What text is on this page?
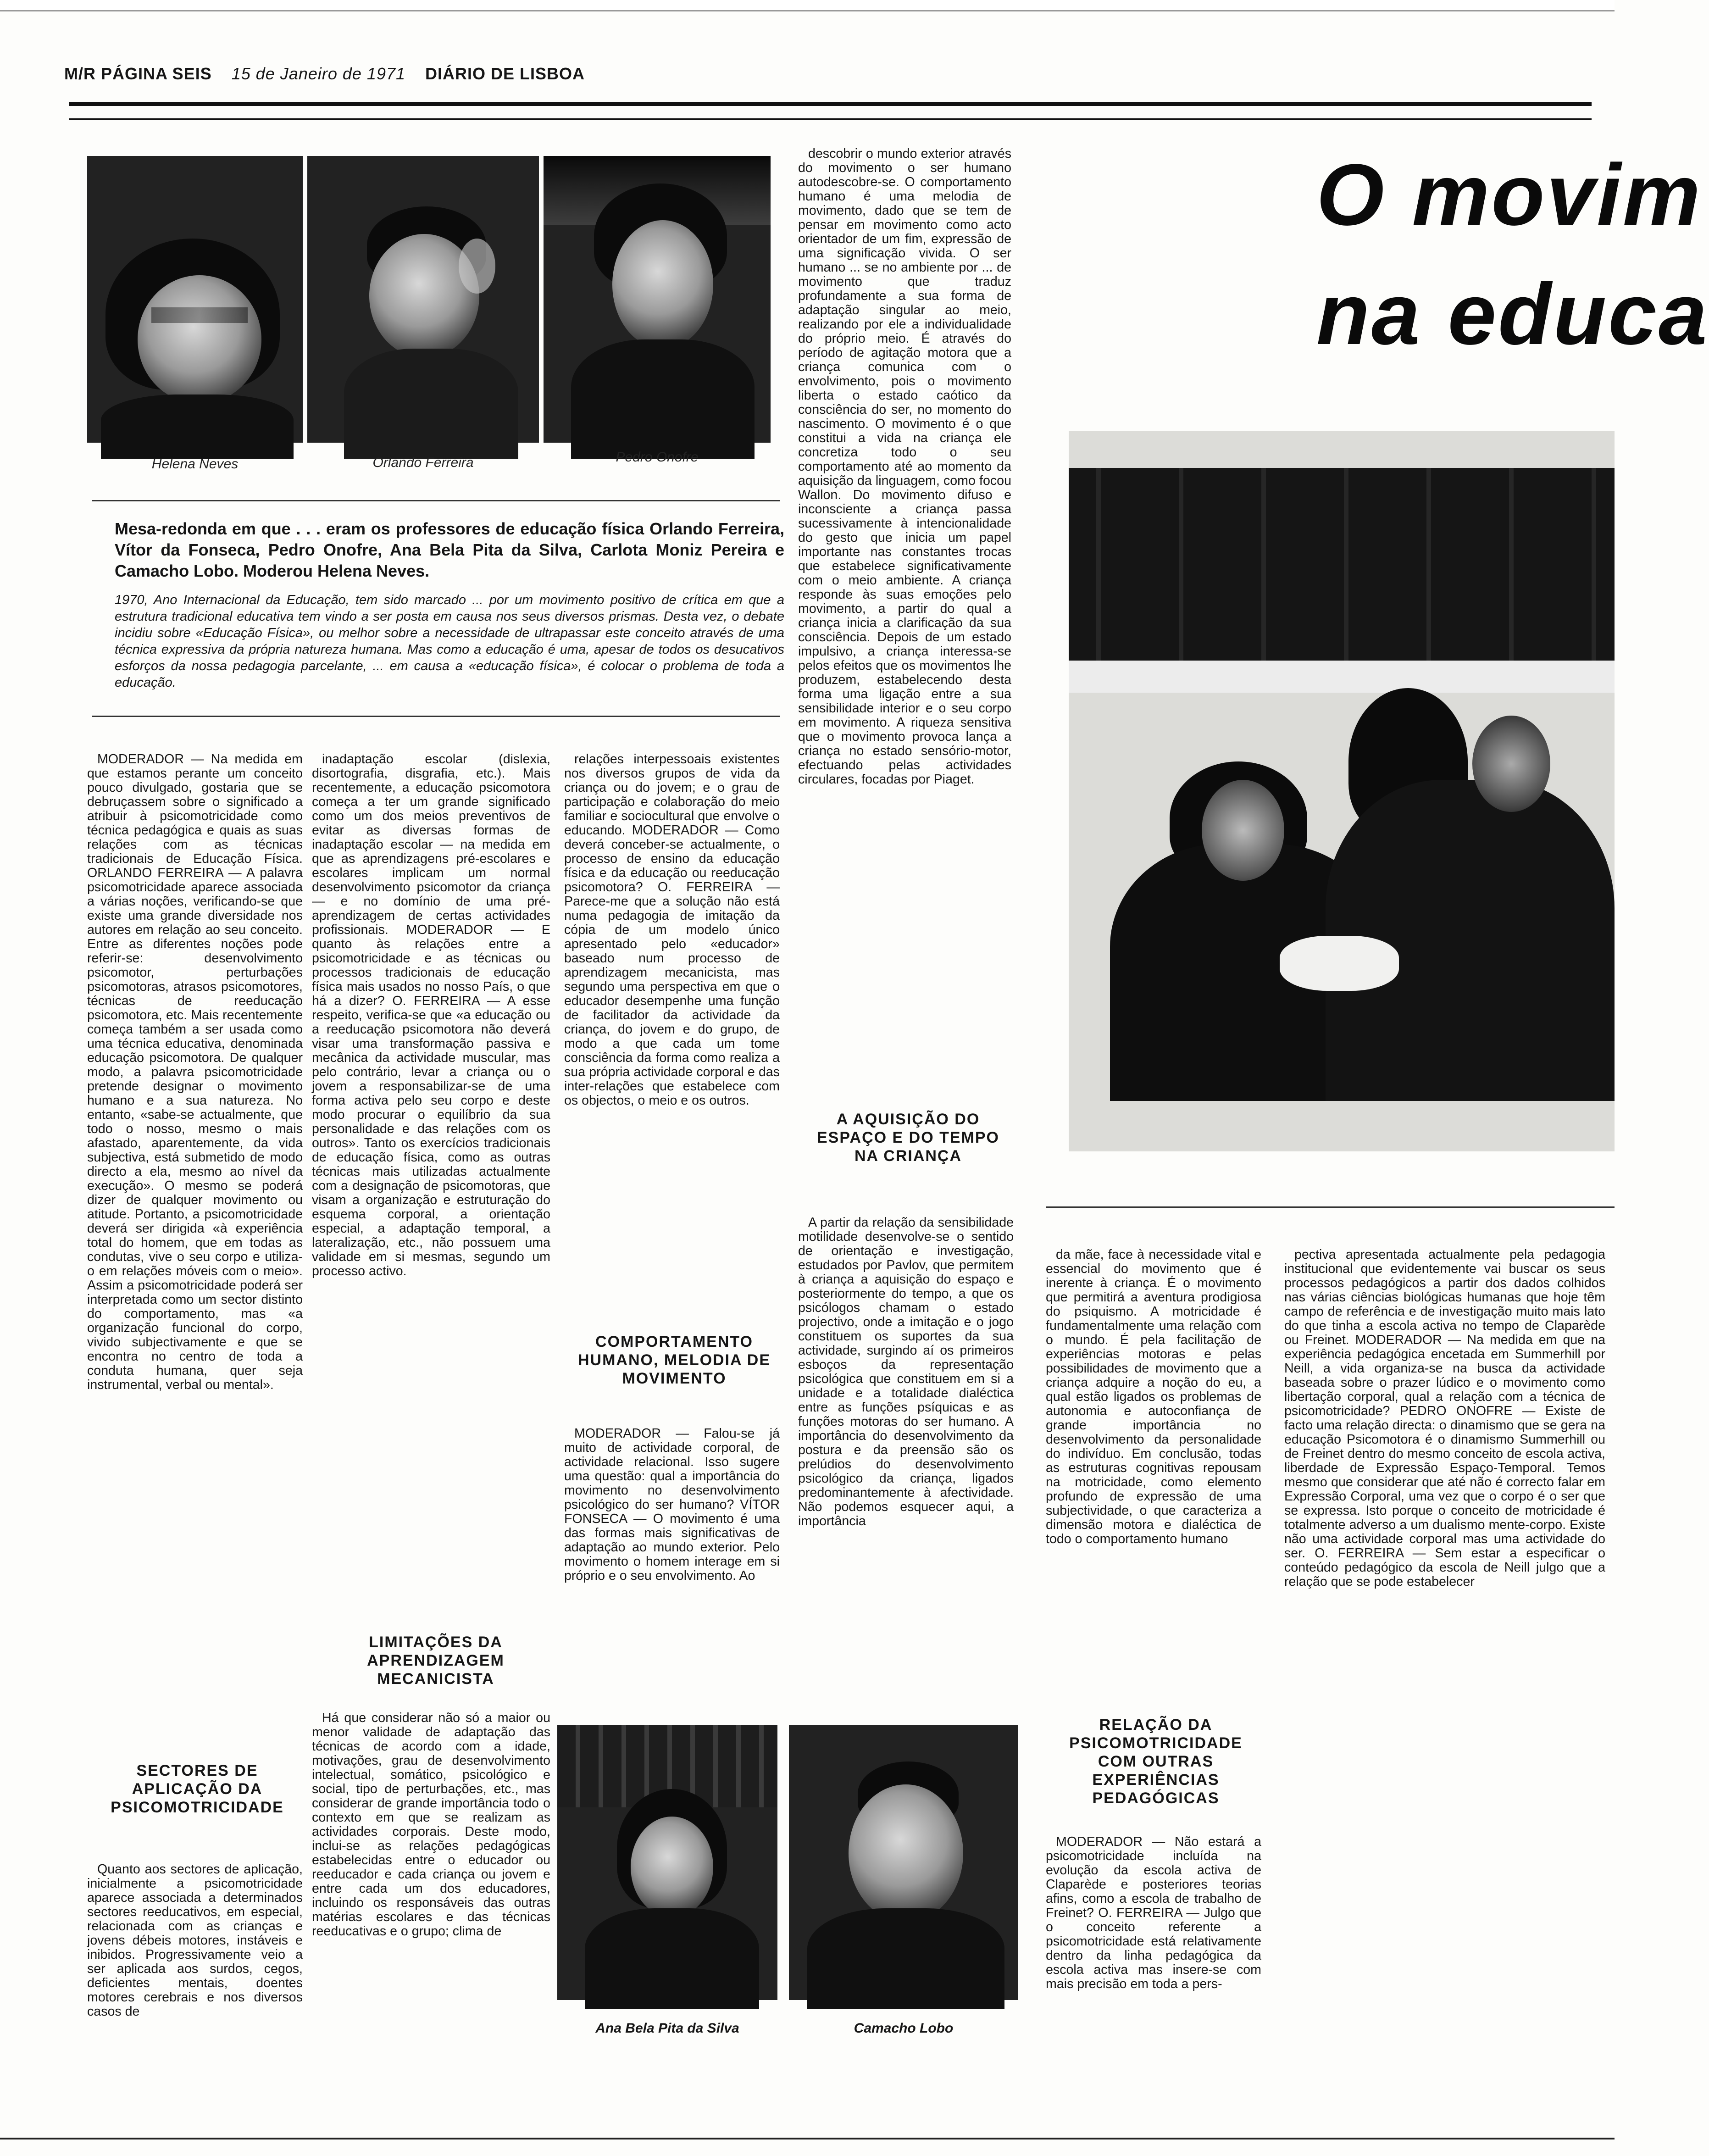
M/R PÁGINA SEIS 15 de Janeiro de 1971 DIÁRIO DE LISBOA
Helena Neves	Orlando Ferreira	Pedro Onofre
Mesa-redonda em que . . . eram os professores de educação física Orlando Ferreira, Vítor da Fonseca, Pedro Onofre, Ana Bela Pita da Silva, Carlota Moniz Pereira e Camacho Lobo. Moderou Helena Neves.
1970, Ano Internacional da Educação, tem sido marcado ... por um movimento positivo de crítica em que a estrutura tradicional educativa tem vindo a ser posta em causa nos seus diversos prismas. Desta vez, o debate incidiu sobre «Educação Física», ou melhor sobre a necessidade de ultrapassar este conceito através de uma técnica expressiva da própria natureza humana. Mas como a educação é uma, apesar de todos os desucativos esforços da nossa pedagogia parcelante, ... em causa a «educação física», é colocar o problema de toda a educação.

descobrir o mundo exterior através do movimento o ser humano autodescobre-se. O comportamento humano é uma melodia de movimento, dado que se tem de pensar em movimento como acto orientador de um fim, expressão de uma significação vivida. O ser humano ... se no ambiente por ... de movimento que traduz profundamente a sua forma de adaptação singular ao meio, realizando por ele a individualidade do próprio meio. É através do período de agitação motora que a criança comunica com o envolvimento, pois o movimento liberta o estado caótico da consciência do ser, no momento do nascimento. O movimento é o que constitui a vida na criança ele concretiza todo o seu comportamento até ao momento da aquisição da linguagem, como focou Wallon. Do movimento difuso e inconsciente a criança passa sucessivamente à intencionalidade do gesto que inicia um papel importante nas constantes trocas que estabelece significativamente com o meio ambiente. A criança responde às suas emoções pelo movimento, a partir do qual a criança inicia a clarificação da sua consciência. Depois de um estado impulsivo, a criança interessa-se pelos efeitos que os movimentos lhe produzem, estabelecendo desta forma uma ligação entre a sua sensibilidade interior e o seu corpo em movimento. A riqueza sensitiva que o movimento provoca lança a criança no estado sensório-motor, efectuando pelas actividades circulares, focadas por Piaget.

O movim
na educa

MODERADOR — Na medida em que estamos perante um conceito pouco divulgado, gostaria que se debruçassem sobre o significado a atribuir à psicomotricidade como técnica pedagógica e quais as suas relações com as técnicas tradicionais de Educação Física. ORLANDO FERREIRA — A palavra psicomotricidade aparece associada a várias noções, verificando-se que existe uma grande diversidade nos autores em relação ao seu conceito. Entre as diferentes noções pode referir-se: desenvolvimento psicomotor, perturbações psicomotoras, atrasos psicomotores, técnicas de reeducação psicomotora, etc. Mais recentemente começa também a ser usada como uma técnica educativa, denominada educação psicomotora. De qualquer modo, a palavra psicomotricidade pretende designar o movimento humano e a sua natureza. No entanto, «sabe-se actualmente, que todo o nosso, mesmo o mais afastado, aparentemente, da vida subjectiva, está submetido de modo directo a ela, mesmo ao nível da execução». O mesmo se poderá dizer de qualquer movimento ou atitude. Portanto, a psicomotricidade deverá ser dirigida «à experiência total do homem, que em todas as condutas, vive o seu corpo e utiliza-o em relações móveis com o meio». Assim a psicomotricidade poderá ser interpretada como um sector distinto do comportamento, mas «a organização funcional do corpo, vivido subjectivamente e que se encontra no centro de toda a conduta humana, quer seja instrumental, verbal ou mental».

SECTORES DE APLICAÇÃO DA PSICOMOTRICIDADE

Quanto aos sectores de aplicação, inicialmente a psicomotricidade aparece associada a determinados sectores reeducativos, em especial, relacionada com as crianças e jovens débeis motores, instáveis e inibidos. Progressivamente veio a ser aplicada aos surdos, cegos, deficientes mentais, doentes motores cerebrais e nos diversos casos de

inadaptação escolar (dislexia, disortografia, disgrafia, etc.). Mais recentemente, a educação psicomotora começa a ter um grande significado como um dos meios preventivos de evitar as diversas formas de inadaptação escolar — na medida em que as aprendizagens pré-escolares e escolares implicam um normal desenvolvimento psicomotor da criança — e no domínio de uma pré-aprendizagem de certas actividades profissionais. MODERADOR — E quanto às relações entre a psicomotricidade e as técnicas ou processos tradicionais de educação física mais usados no nosso País, o que há a dizer? O. FERREIRA — A esse respeito, verifica-se que «a educação ou a reeducação psicomotora não deverá visar uma transformação passiva e mecânica da actividade muscular, mas pelo contrário, levar a criança ou o jovem a responsabilizar-se de uma forma activa pelo seu corpo e deste modo procurar o equilíbrio da sua personalidade e das relações com os outros». Tanto os exercícios tradicionais de educação física, como as outras técnicas mais utilizadas actualmente com a designação de psicomotoras, que visam a organização e estruturação do esquema corporal, a orientação especial, a adaptação temporal, a lateralização, etc., não possuem uma validade em si mesmas, segundo um processo activo.

LIMITAÇÕES DA APRENDIZAGEM MECANICISTA

Há que considerar não só a maior ou menor validade de adaptação das técnicas de acordo com a idade, motivações, grau de desenvolvimento intelectual, somático, psicológico e social, tipo de perturbações, etc., mas considerar de grande importância todo o contexto em que se realizam as actividades corporais. Deste modo, inclui-se as relações pedagógicas estabelecidas entre o educador ou reeducador e cada criança ou jovem e entre cada um dos educadores, incluindo os responsáveis das outras matérias escolares e das técnicas reeducativas e o grupo; clima de

relações interpessoais existentes nos diversos grupos de vida da criança ou do jovem; e o grau de participação e colaboração do meio familiar e sociocultural que envolve o educando. MODERADOR — Como deverá conceber-se actualmente, o processo de ensino da educação física e da educação ou reeducação psicomotora? O. FERREIRA — Parece-me que a solução não está numa pedagogia de imitação da cópia de um modelo único apresentado pelo «educador» baseado num processo de aprendizagem mecanicista, mas segundo uma perspectiva em que o educador desempenhe uma função de facilitador da actividade da criança, do jovem e do grupo, de modo a que cada um tome consciência da forma como realiza a sua própria actividade corporal e das inter-relações que estabelece com os objectos, o meio e os outros.

COMPORTAMENTO HUMANO, MELODIA DE MOVIMENTO

MODERADOR — Falou-se já muito de actividade corporal, de actividade relacional. Isso sugere uma questão: qual a importância do movimento no desenvolvimento psicológico do ser humano? VÍTOR FONSECA — O movimento é uma das formas mais significativas de adaptação ao mundo exterior. Pelo movimento o homem interage em si próprio e o seu envolvimento. Ao

A AQUISIÇÃO DO ESPAÇO E DO TEMPO NA CRIANÇA

A partir da relação da sensibilidade motilidade desenvolve-se o sentido de orientação e investigação, estudados por Pavlov, que permitem à criança a aquisição do espaço e posteriormente do tempo, a que os psicólogos chamam o estado projectivo, onde a imitação e o jogo constituem os suportes da sua actividade, surgindo aí os primeiros esboços da representação psicológica que constituem em si a unidade e a totalidade dialéctica entre as funções psíquicas e as funções motoras do ser humano. A importância do desenvolvimento da postura e da preensão são os prelúdios do desenvolvimento psicológico da criança, ligados predominantemente à afectividade. Não podemos esquecer aqui, a importância

da mãe, face à necessidade vital e essencial do movimento que é inerente à criança. É o movimento que permitirá a aventura prodigiosa do psiquismo. A motricidade é fundamentalmente uma relação com o mundo. É pela facilitação de experiências motoras e pelas possibilidades de movimento que a criança adquire a noção do eu, a qual estão ligados os problemas de autonomia e autoconfiança de grande importância no desenvolvimento da personalidade do indivíduo. Em conclusão, todas as estruturas cognitivas repousam na motricidade, como elemento profundo de expressão de uma subjectividade, o que caracteriza a dimensão motora e dialéctica de todo o comportamento humano

RELAÇÃO DA PSICOMOTRICIDADE COM OUTRAS EXPERIÊNCIAS PEDAGÓGICAS

MODERADOR — Não estará a psicomotricidade incluída na evolução da escola activa de Claparède e posteriores teorias afins, como a escola de trabalho de Freinet? O. FERREIRA — Julgo que o conceito referente a psicomotricidade está relativamente dentro da linha pedagógica da escola activa mas insere-se com mais precisão em toda a pers-

pectiva apresentada actualmente pela pedagogia institucional que evidentemente vai buscar os seus processos pedagógicos a partir dos dados colhidos nas várias ciências biológicas humanas que hoje têm campo de referência e de investigação muito mais lato do que tinha a escola activa no tempo de Claparède ou Freinet. MODERADOR — Na medida em que na experiência pedagógica encetada em Summerhill por Neill, a vida organiza-se na busca da actividade baseada sobre o prazer lúdico e o movimento como libertação corporal, qual a relação com a técnica de psicomotricidade? PEDRO ONOFRE — Existe de facto uma relação directa: o dinamismo que se gera na educação Psicomotora é o dinamismo Summerhill ou de Freinet dentro do mesmo conceito de escola activa, liberdade de Expressão Espaço-Temporal. Temos mesmo que considerar que até não é correcto falar em Expressão Corporal, uma vez que o corpo é o ser que se expressa. Isto porque o conceito de motricidade é totalmente adverso a um dualismo mente-corpo. Existe não uma actividade corporal mas uma actividade do ser. O. FERREIRA — Sem estar a especificar o conteúdo pedagógico da escola de Neill julgo que a relação que se pode estabelecer

Ana Bela Pita da Silva	Camacho Lobo
